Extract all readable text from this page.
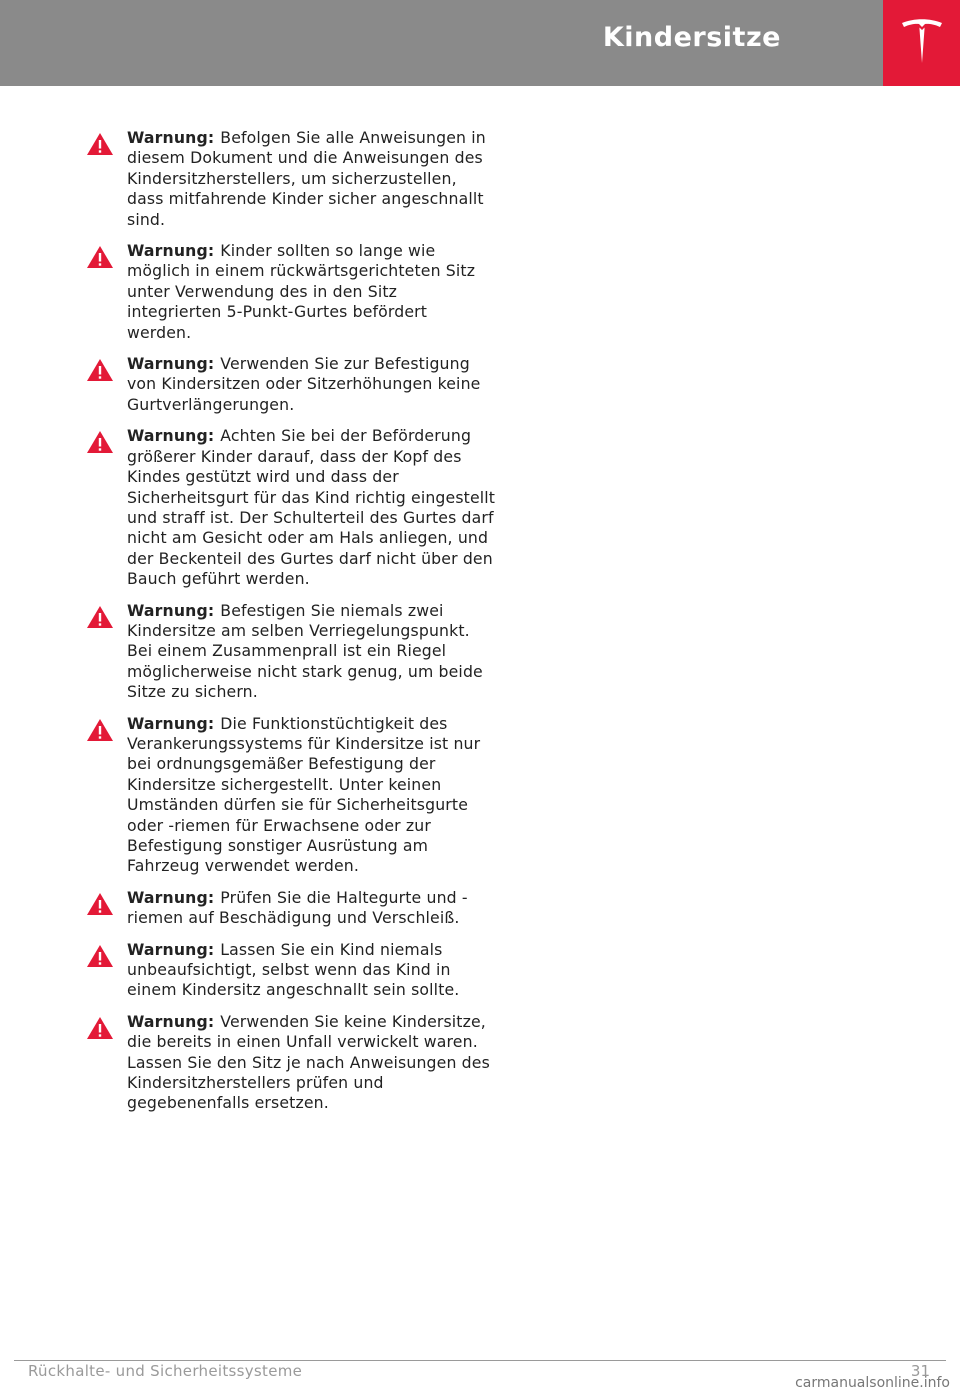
Kindersitze
Warnung: Befolgen Sie alle Anweisungen in diesem Dokument und die Anweisungen des Kindersitzherstellers, um sicherzustellen, dass mitfahrende Kinder sicher angeschnallt sind.
Warnung: Kinder sollten so lange wie möglich in einem rückwärtsgerichteten Sitz unter Verwendung des in den Sitz integrierten 5-Punkt-Gurtes befördert werden.
Warnung: Verwenden Sie zur Befestigung von Kindersitzen oder Sitzerhöhungen keine Gurtverlängerungen.
Warnung: Achten Sie bei der Beförderung größerer Kinder darauf, dass der Kopf des Kindes gestützt wird und dass der Sicherheitsgurt für das Kind richtig eingestellt und straff ist. Der Schulterteil des Gurtes darf nicht am Gesicht oder am Hals anliegen, und der Beckenteil des Gurtes darf nicht über den Bauch geführt werden.
Warnung: Befestigen Sie niemals zwei Kindersitze am selben Verriegelungspunkt. Bei einem Zusammenprall ist ein Riegel möglicherweise nicht stark genug, um beide Sitze zu sichern.
Warnung: Die Funktionstüchtigkeit des Verankerungssystems für Kindersitze ist nur bei ordnungsgemäßer Befestigung der Kindersitze sichergestellt. Unter keinen Umständen dürfen sie für Sicherheitsgurte oder -riemen für Erwachsene oder zur Befestigung sonstiger Ausrüstung am Fahrzeug verwendet werden.
Warnung: Prüfen Sie die Haltegurte und -riemen auf Beschädigung und Verschleiß.
Warnung: Lassen Sie ein Kind niemals unbeaufsichtigt, selbst wenn das Kind in einem Kindersitz angeschnallt sein sollte.
Warnung: Verwenden Sie keine Kindersitze, die bereits in einen Unfall verwickelt waren. Lassen Sie den Sitz je nach Anweisungen des Kindersitzherstellers prüfen und gegebenenfalls ersetzen.
Rückhalte- und Sicherheitssysteme	31
carmanualsonline.info
